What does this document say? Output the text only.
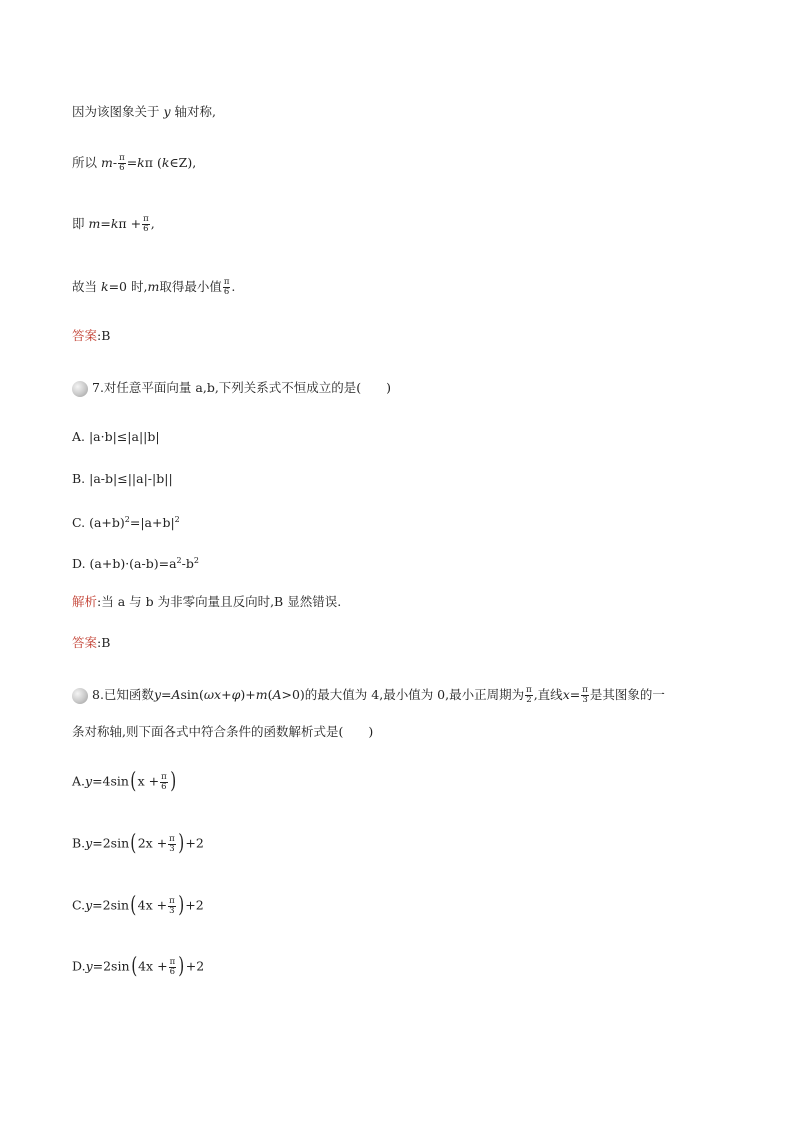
因为该图象关于 y 轴对称,
所以 $m- \frac{\pi}{6} =k\pi$ (k∈Z),
即 $m=k\pi + \frac{\pi}{6}$ ,
故当 k=0 时,m取得最小值 $\frac{\pi}{6}$ .
答案:B
7.对任意平面向量 a,b,下列关系式不恒成立的是(　　)
A. |a·b|≤|a||b|
B. |a-b|≤||a|-|b||
C. $(a+b)^2=|a+b|^2$
D. $(a+b)\cdot(a-b)=a^2-b^2$
解析:当 a 与 b 为非零向量且反向时,B 显然错误.
答案:B
8.已知函数y=Asin(ωx+φ)+m(A>0)的最大值为 4,最小值为 0,最小正周期为 $\frac{\pi}{2}$ ,直线$x= \frac{\pi}{3}$ 是其图象的一
条对称轴,则下面各式中符合条件的函数解析式是(　　)
$A.y=4\sin(x + \frac{\pi}{6}$ )
$B.y=2\sin(2x + \frac{\pi}{3} )+2$
$C.y=2\sin(4x + \frac{\pi}{3} )+2$
$D.y=2\sin(4x + \frac{\pi}{6} )+2$
